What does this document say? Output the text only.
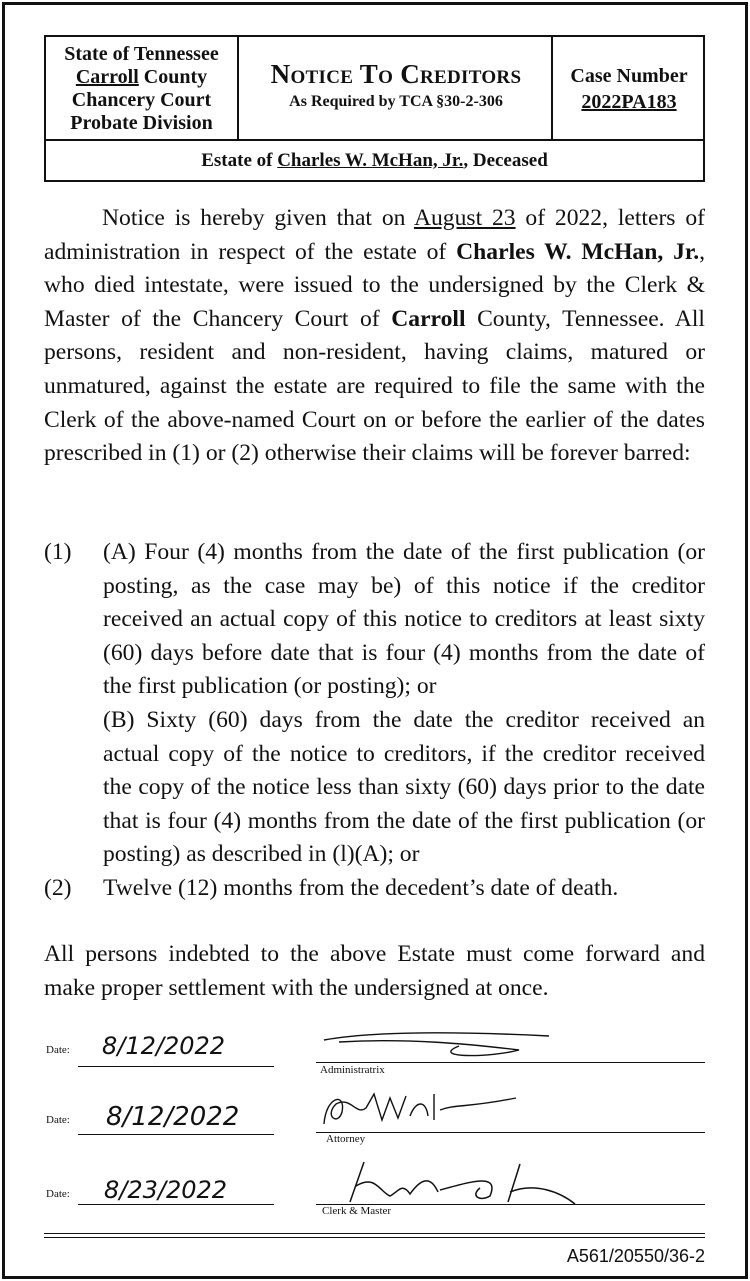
State of Tennessee
Carroll County
Chancery Court
Probate Division
Notice To Creditors
As Required by TCA §30-2-306
Case Number
2022PA183
Estate of Charles W. McHan, Jr., Deceased

Notice is hereby given that on August 23 of 2022, letters of administration in respect of the estate of Charles W. McHan, Jr., who died intestate, were issued to the undersigned by the Clerk & Master of the Chancery Court of Carroll County, Tennessee. All persons, resident and non-resident, having claims, matured or unmatured, against the estate are required to file the same with the Clerk of the above-named Court on or before the earlier of the dates prescribed in (1) or (2) otherwise their claims will be forever barred:

(1) (A) Four (4) months from the date of the first publication (or posting, as the case may be) of this notice if the creditor received an actual copy of this notice to creditors at least sixty (60) days before date that is four (4) months from the date of the first publication (or posting); or

(B) Sixty (60) days from the date the creditor received an actual copy of the notice to creditors, if the creditor received the copy of the notice less than sixty (60) days prior to the date that is four (4) months from the date of the first publication (or posting) as described in (l)(A); or

(2) Twelve (12) months from the decedent’s date of death.

All persons indebted to the above Estate must come forward and make proper settlement with the undersigned at once.

Date: 8/12/2022
Administratrix
Date: 8/12/2022
Attorney
Date: 8/23/2022
Clerk & Master
A561/20550/36-2
